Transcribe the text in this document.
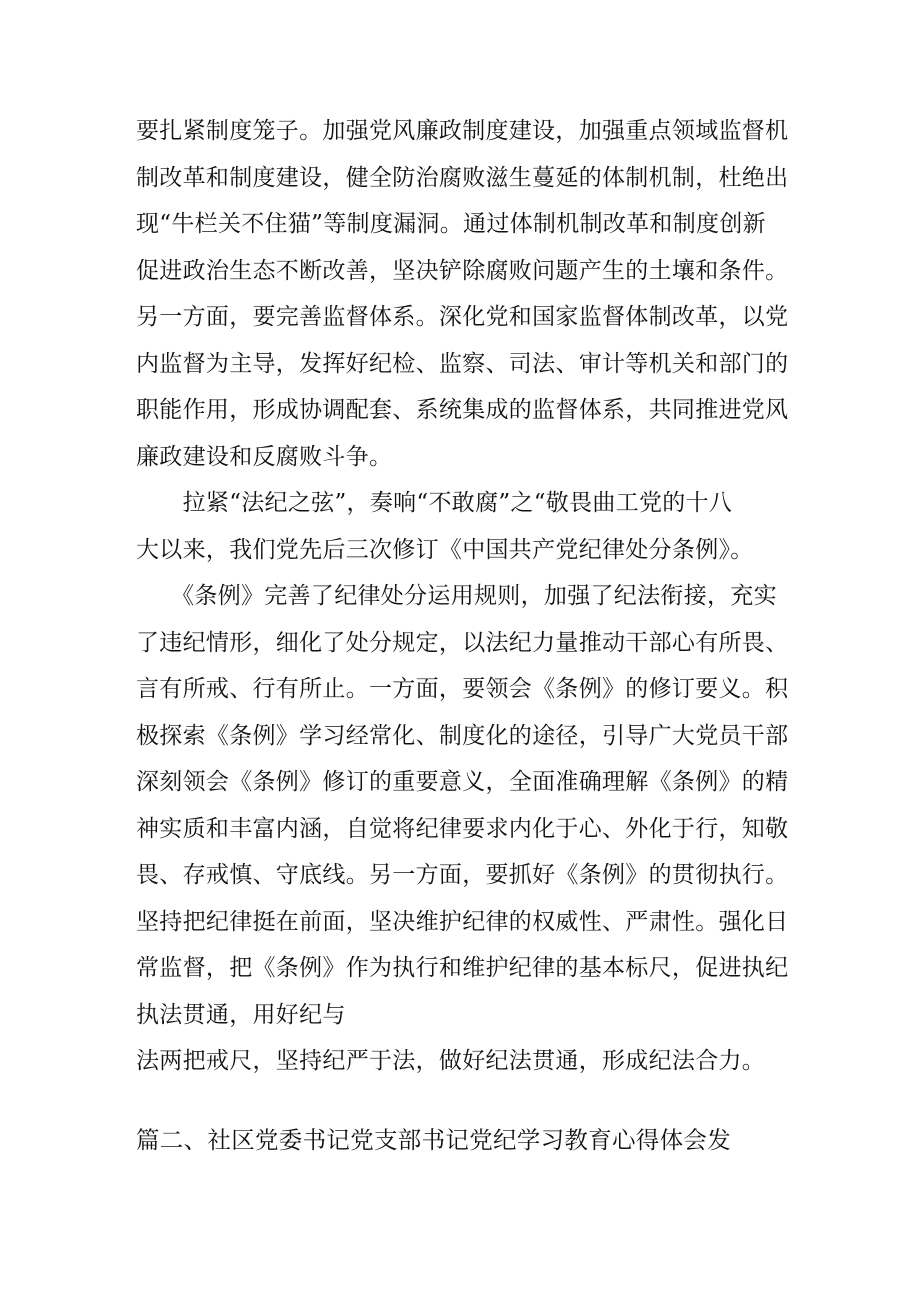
要扎紧制度笼子。加强党风廉政制度建设，加强重点领域监督机
制改革和制度建设，健全防治腐败滋生蔓延的体制机制，杜绝出
现“牛栏关不住猫”等制度漏洞。通过体制机制改革和制度创新
促进政治生态不断改善，坚决铲除腐败问题产生的土壤和条件。
另一方面，要完善监督体系。深化党和国家监督体制改革，以党
内监督为主导，发挥好纪检、监察、司法、审计等机关和部门的
职能作用，形成协调配套、系统集成的监督体系，共同推进党风
廉政建设和反腐败斗争。
　　拉紧“法纪之弦”，奏响“不敢腐”之“敬畏曲工党的十八
大以来，我们党先后三次修订《中国共产党纪律处分条例》。
　　《条例》完善了纪律处分运用规则，加强了纪法衔接，充实
了违纪情形，细化了处分规定，以法纪力量推动干部心有所畏、
言有所戒、行有所止。一方面，要领会《条例》的修订要义。积
极探索《条例》学习经常化、制度化的途径，引导广大党员干部
深刻领会《条例》修订的重要意义，全面准确理解《条例》的精
神实质和丰富内涵，自觉将纪律要求内化于心、外化于行，知敬
畏、存戒慎、守底线。另一方面，要抓好《条例》的贯彻执行。
坚持把纪律挺在前面，坚决维护纪律的权威性、严肃性。强化日
常监督，把《条例》作为执行和维护纪律的基本标尺，促进执纪
执法贯通，用好纪与
法两把戒尺，坚持纪严于法，做好纪法贯通，形成纪法合力。
篇二、社区党委书记党支部书记党纪学习教育心得体会发
